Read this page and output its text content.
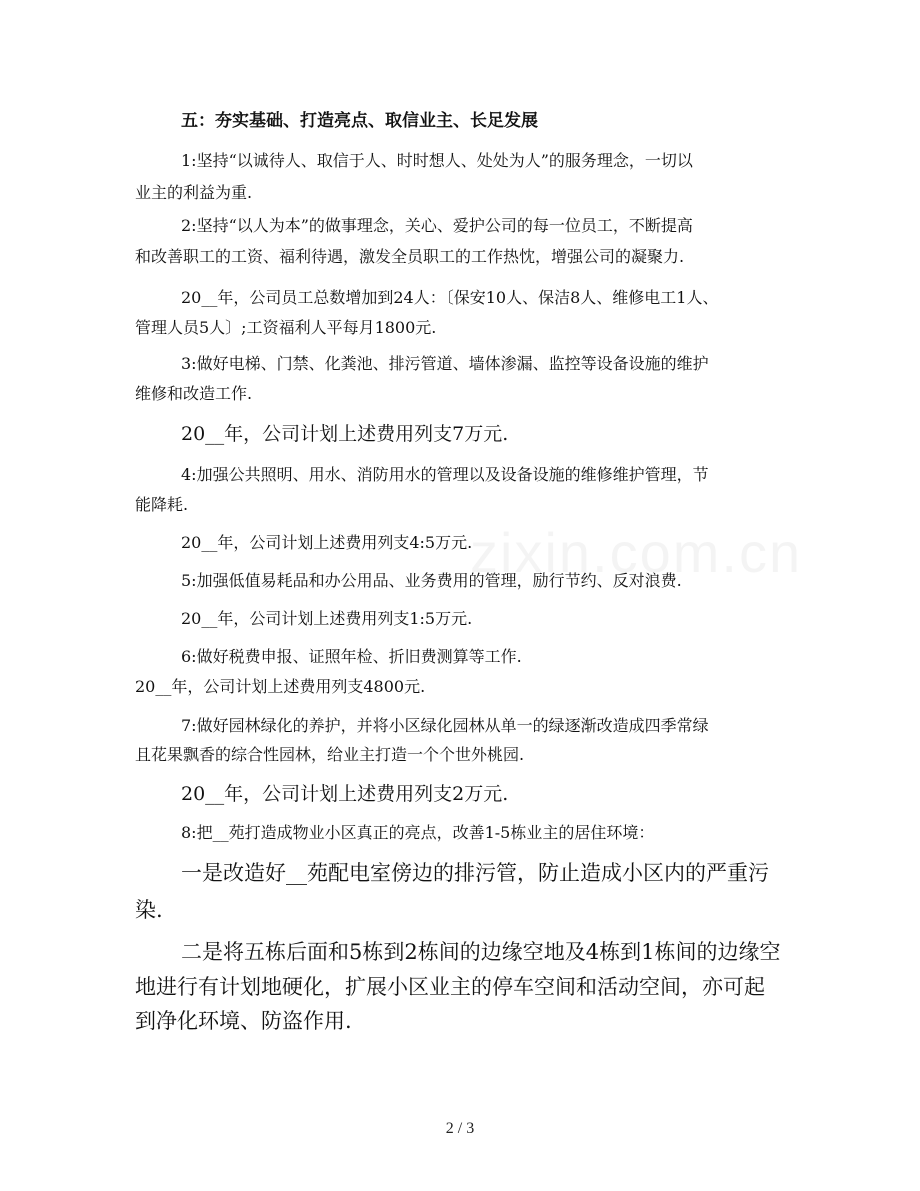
五：夯实基础、打造亮点、取信业主、长足发展
1:坚持“以诚待人、取信于人、时时想人、处处为人”的服务理念，一切以
业主的利益为重.
2:坚持“以人为本”的做事理念，关心、爱护公司的每一位员工，不断提高
和改善职工的工资、福利待遇，激发全员职工的工作热忱，增强公司的凝聚力.
20__年，公司员工总数增加到24人：〔保安10人、保洁8人、维修电工1人、
管理人员5人〕;工资福利人平每月1800元.
3:做好电梯、门禁、化粪池、排污管道、墙体渗漏、监控等设备设施的维护
维修和改造工作.
20__年，公司计划上述费用列支7万元.
4:加强公共照明、用水、消防用水的管理以及设备设施的维修维护管理，节
能降耗.
20__年，公司计划上述费用列支4:5万元.
5:加强低值易耗品和办公用品、业务费用的管理，励行节约、反对浪费.
20__年，公司计划上述费用列支1:5万元.
6:做好税费申报、证照年检、折旧费测算等工作.
20__年，公司计划上述费用列支4800元.
7:做好园林绿化的养护，并将小区绿化园林从单一的绿逐渐改造成四季常绿
且花果飘香的综合性园林，给业主打造一个个世外桃园.
20__年，公司计划上述费用列支2万元.
8:把__苑打造成物业小区真正的亮点，改善1-5栋业主的居住环境：
一是改造好__苑配电室傍边的排污管，防止造成小区内的严重污
染.
二是将五栋后面和5栋到2栋间的边缘空地及4栋到1栋间的边缘空
地进行有计划地硬化，扩展小区业主的停车空间和活动空间，亦可起
到净化环境、防盗作用.
2 / 3
